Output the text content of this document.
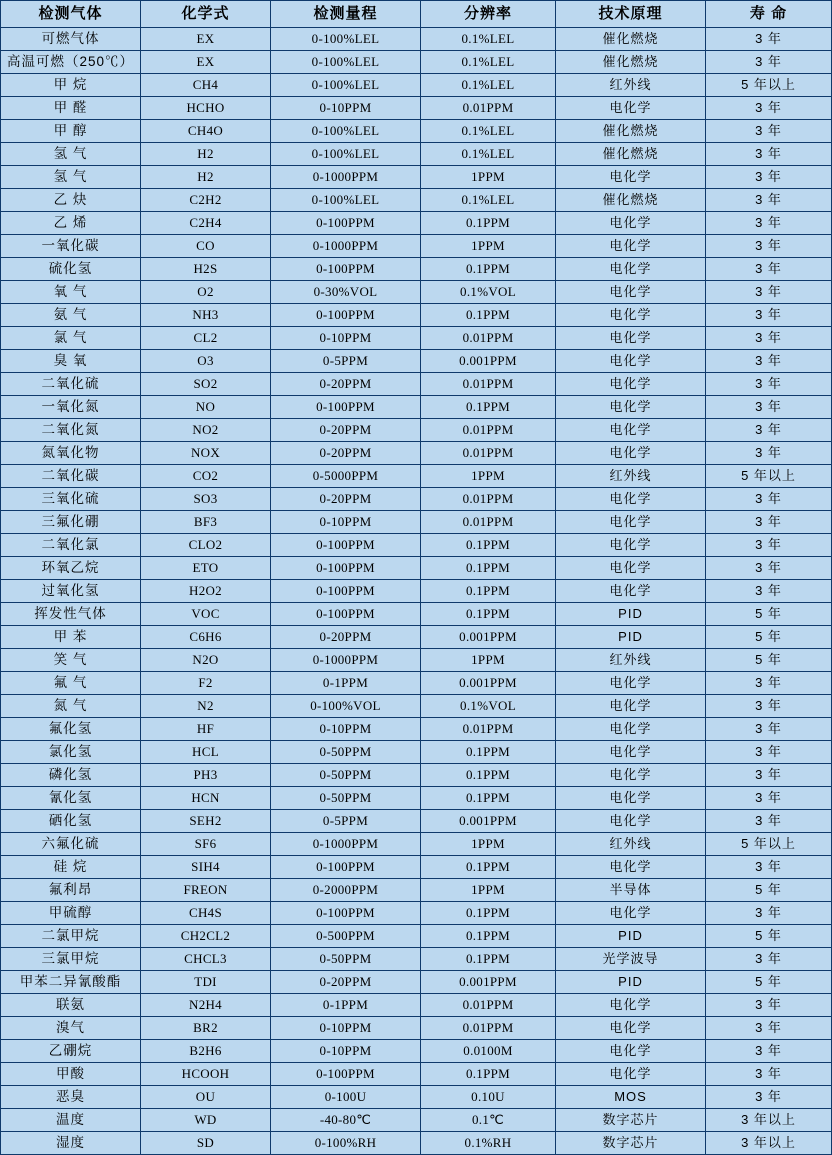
检测气体	化学式	检测量程	分辨率	技术原理	寿 命
可燃气体	EX	0-100%LEL	0.1%LEL	催化燃烧	3 年
高温可燃（250℃）	EX	0-100%LEL	0.1%LEL	催化燃烧	3 年
甲 烷	CH4	0-100%LEL	0.1%LEL	红外线	5 年以上
甲 醛	HCHO	0-10PPM	0.01PPM	电化学	3 年
甲 醇	CH4O	0-100%LEL	0.1%LEL	催化燃烧	3 年
氢 气	H2	0-100%LEL	0.1%LEL	催化燃烧	3 年
氢 气	H2	0-1000PPM	1PPM	电化学	3 年
乙 炔	C2H2	0-100%LEL	0.1%LEL	催化燃烧	3 年
乙 烯	C2H4	0-100PPM	0.1PPM	电化学	3 年
一氧化碳	CO	0-1000PPM	1PPM	电化学	3 年
硫化氢	H2S	0-100PPM	0.1PPM	电化学	3 年
氧 气	O2	0-30%VOL	0.1%VOL	电化学	3 年
氨 气	NH3	0-100PPM	0.1PPM	电化学	3 年
氯 气	CL2	0-10PPM	0.01PPM	电化学	3 年
臭 氧	O3	0-5PPM	0.001PPM	电化学	3 年
二氧化硫	SO2	0-20PPM	0.01PPM	电化学	3 年
一氧化氮	NO	0-100PPM	0.1PPM	电化学	3 年
二氧化氮	NO2	0-20PPM	0.01PPM	电化学	3 年
氮氧化物	NOX	0-20PPM	0.01PPM	电化学	3 年
二氧化碳	CO2	0-5000PPM	1PPM	红外线	5 年以上
三氧化硫	SO3	0-20PPM	0.01PPM	电化学	3 年
三氟化硼	BF3	0-10PPM	0.01PPM	电化学	3 年
二氧化氯	CLO2	0-100PPM	0.1PPM	电化学	3 年
环氧乙烷	ETO	0-100PPM	0.1PPM	电化学	3 年
过氧化氢	H2O2	0-100PPM	0.1PPM	电化学	3 年
挥发性气体	VOC	0-100PPM	0.1PPM	PID	5 年
甲 苯	C6H6	0-20PPM	0.001PPM	PID	5 年
笑 气	N2O	0-1000PPM	1PPM	红外线	5 年
氟 气	F2	0-1PPM	0.001PPM	电化学	3 年
氮 气	N2	0-100%VOL	0.1%VOL	电化学	3 年
氟化氢	HF	0-10PPM	0.01PPM	电化学	3 年
氯化氢	HCL	0-50PPM	0.1PPM	电化学	3 年
磷化氢	PH3	0-50PPM	0.1PPM	电化学	3 年
氰化氢	HCN	0-50PPM	0.1PPM	电化学	3 年
硒化氢	SEH2	0-5PPM	0.001PPM	电化学	3 年
六氟化硫	SF6	0-1000PPM	1PPM	红外线	5 年以上
硅 烷	SIH4	0-100PPM	0.1PPM	电化学	3 年
氟利昂	FREON	0-2000PPM	1PPM	半导体	5 年
甲硫醇	CH4S	0-100PPM	0.1PPM	电化学	3 年
二氯甲烷	CH2CL2	0-500PPM	0.1PPM	PID	5 年
三氯甲烷	CHCL3	0-50PPM	0.1PPM	光学波导	3 年
甲苯二异氰酸酯	TDI	0-20PPM	0.001PPM	PID	5 年
联氨	N2H4	0-1PPM	0.01PPM	电化学	3 年
溴气	BR2	0-10PPM	0.01PPM	电化学	3 年
乙硼烷	B2H6	0-10PPM	0.0100M	电化学	3 年
甲酸	HCOOH	0-100PPM	0.1PPM	电化学	3 年
恶臭	OU	0-100U	0.10U	MOS	3 年
温度	WD	-40-80℃	0.1℃	数字芯片	3 年以上
湿度	SD	0-100%RH	0.1%RH	数字芯片	3 年以上
